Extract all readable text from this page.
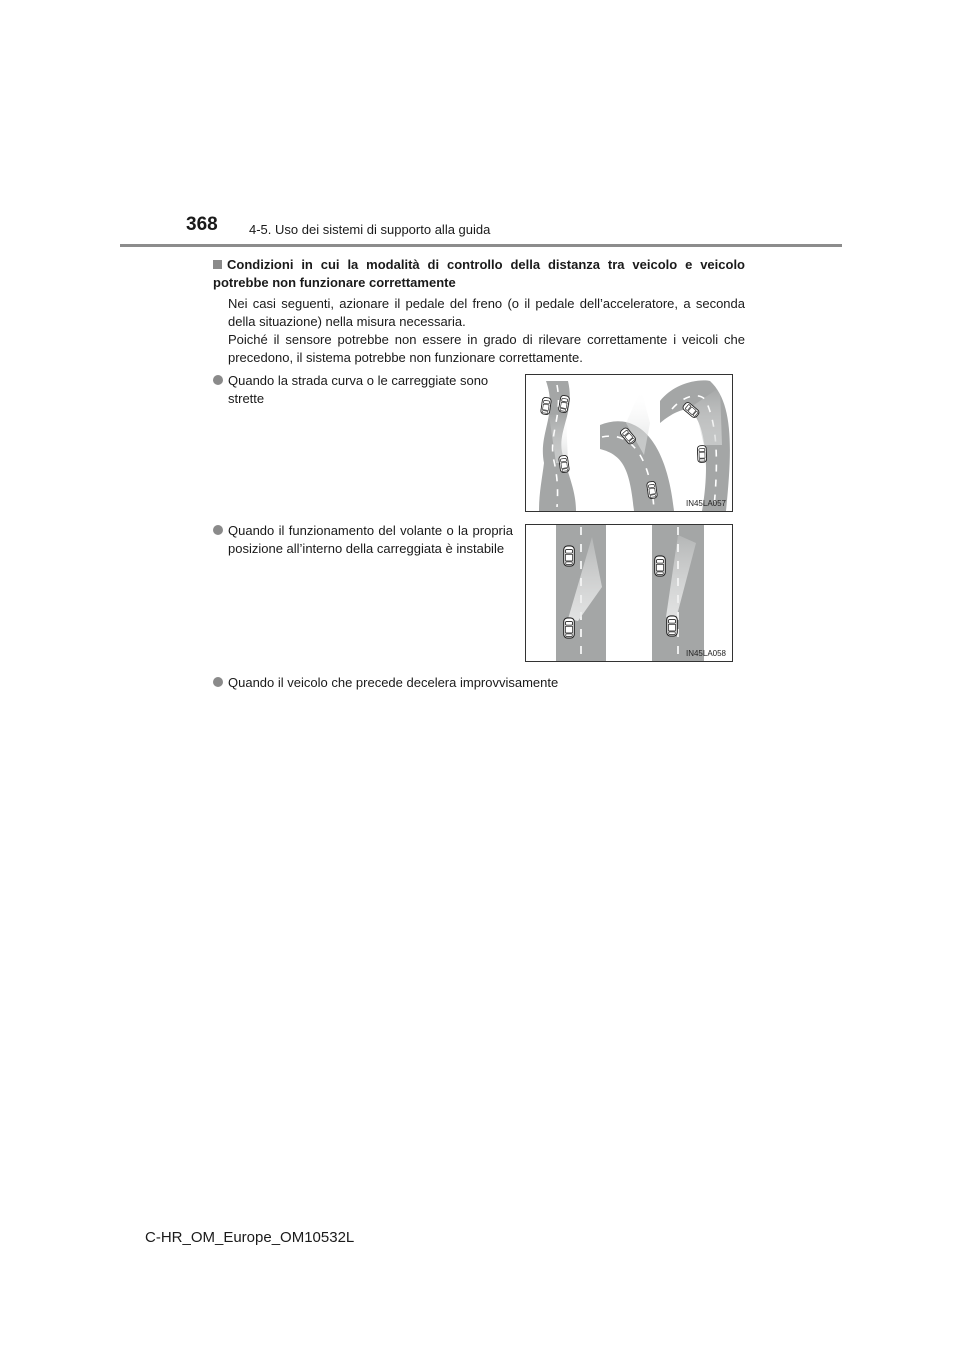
368 4-5. Uso dei sistemi di supporto alla guida
Condizioni in cui la modalità di controllo della distanza tra veicolo e veicolo potrebbe non funzionare correttamente
Nei casi seguenti, azionare il pedale del freno (o il pedale dell’acceleratore, a seconda della situazione) nella misura necessaria.
Poiché il sensore potrebbe non essere in grado di rilevare correttamente i veicoli che precedono, il sistema potrebbe non funzionare correttamente.
Quando la strada curva o le carreggiate sono strette
Quando il funzionamento del volante o la propria posizione all’interno della carreggiata è instabile
Quando il veicolo che precede decelera improvvisamente
IN45LA057
IN45LA058
C-HR_OM_Europe_OM10532L
